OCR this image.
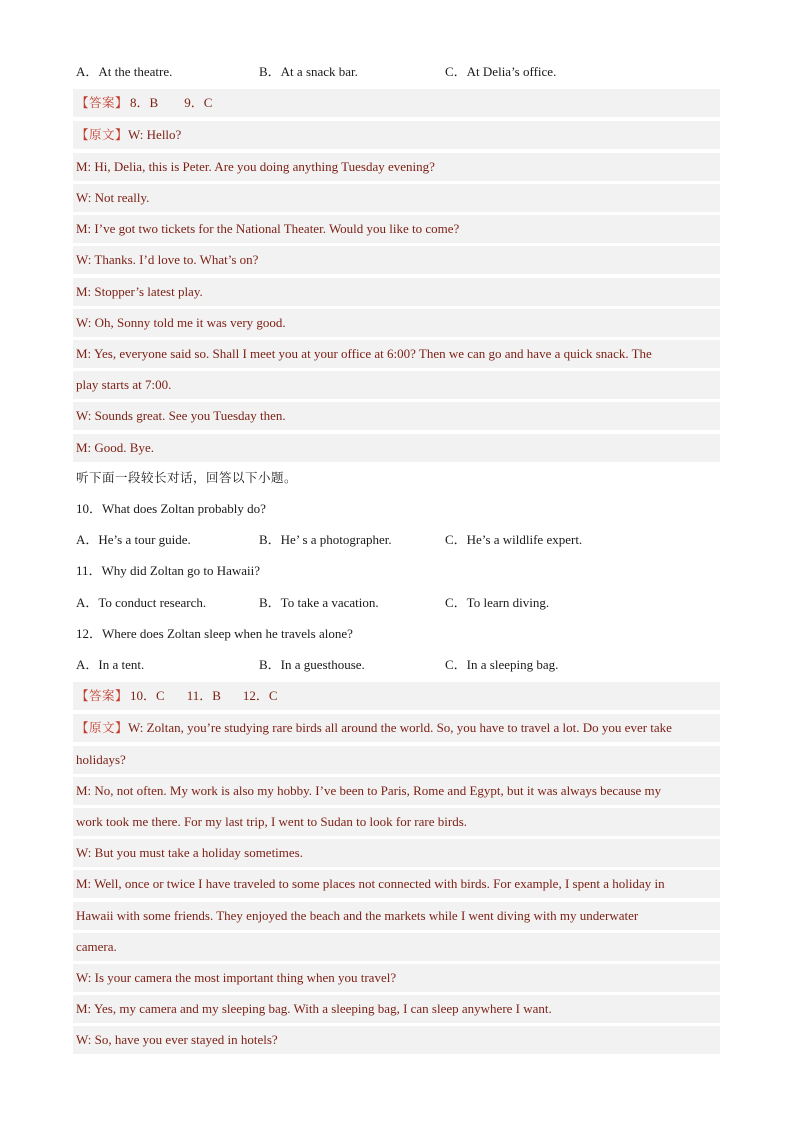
A．At the theatre.	B．At a snack bar.	C．At Delia’s office.
【答案】 8．B 9．C
【原文】W: Hello?
M: Hi, Delia, this is Peter. Are you doing anything Tuesday evening?
W: Not really.
M: I’ve got two tickets for the National Theater. Would you like to come?
W: Thanks. I’d love to. What’s on?
M: Stopper’s latest play.
W: Oh, Sonny told me it was very good.
M: Yes, everyone said so. Shall I meet you at your office at 6:00? Then we can go and have a quick snack. The
play starts at 7:00.
W: Sounds great. See you Tuesday then.
M: Good. Bye.
听下面一段较长对话，回答以下小题。
10．What does Zoltan probably do?
A．He’s a tour guide.	B．He’ s a photographer.	C．He’s a wildlife expert.
11．Why did Zoltan go to Hawaii?
A．To conduct research.	B．To take a vacation.	C．To learn diving.
12．Where does Zoltan sleep when he travels alone?
A．In a tent.	B．In a guesthouse.	C．In a sleeping bag.
【答案】 10．C 11．B 12．C
【原文】W: Zoltan, you’re studying rare birds all around the world. So, you have to travel a lot. Do you ever take
holidays?
M: No, not often. My work is also my hobby. I’ve been to Paris, Rome and Egypt, but it was always because my
work took me there. For my last trip, I went to Sudan to look for rare birds.
W: But you must take a holiday sometimes.
M: Well, once or twice I have traveled to some places not connected with birds. For example, I spent a holiday in
Hawaii with some friends. They enjoyed the beach and the markets while I went diving with my underwater
camera.
W: Is your camera the most important thing when you travel?
M: Yes, my camera and my sleeping bag. With a sleeping bag, I can sleep anywhere I want.
W: So, have you ever stayed in hotels?
